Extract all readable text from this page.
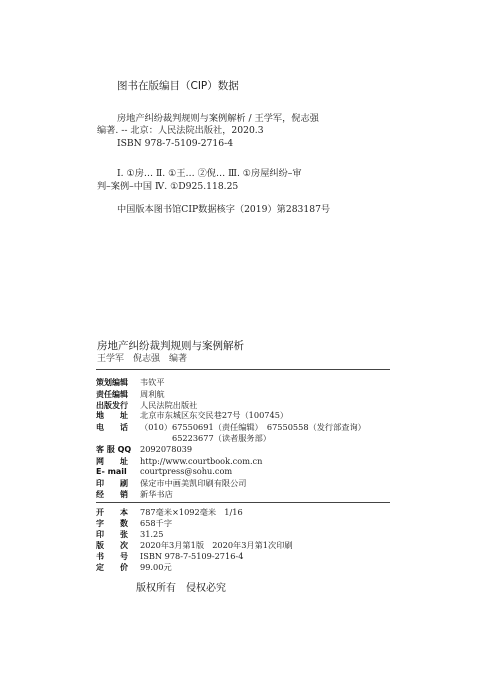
图书在版编目（CIP）数据
房地产纠纷裁判规则与案例解析 / 王学军，倪志强
编著. -- 北京：人民法院出版社，2020.3
ISBN 978-7-5109-2716-4
Ⅰ. ①房… Ⅱ. ①王… ②倪… Ⅲ. ①房屋纠纷–审
判–案例–中国 Ⅳ. ①D925.118.25
中国版本图书馆CIP数据核字（2019）第283187号
房地产纠纷裁判规则与案例解析
王学军　倪志强　编著
策划编辑 韦钦平
责任编辑 周利航
出版发行 人民法院出版社
地　　址 北京市东城区东交民巷27号（100745）
电　　话 （010）67550691（责任编辑）　67550558（发行部查询）
65223677（读者服务部）
客 服 QQ 2092078039
网　　址 http://www.courtbook.com.cn
E- mail courtpress@sohu.com
印　　刷 保定市中画美凯印刷有限公司
经　　销 新华书店
开　　本 787毫米×1092毫米　1/16
字　　数 658千字
印　　张 31.25
版　　次 2020年3月第1版　2020年3月第1次印刷
书　　号 ISBN 978-7-5109-2716-4
定　　价 99.00元
版权所有　侵权必究
